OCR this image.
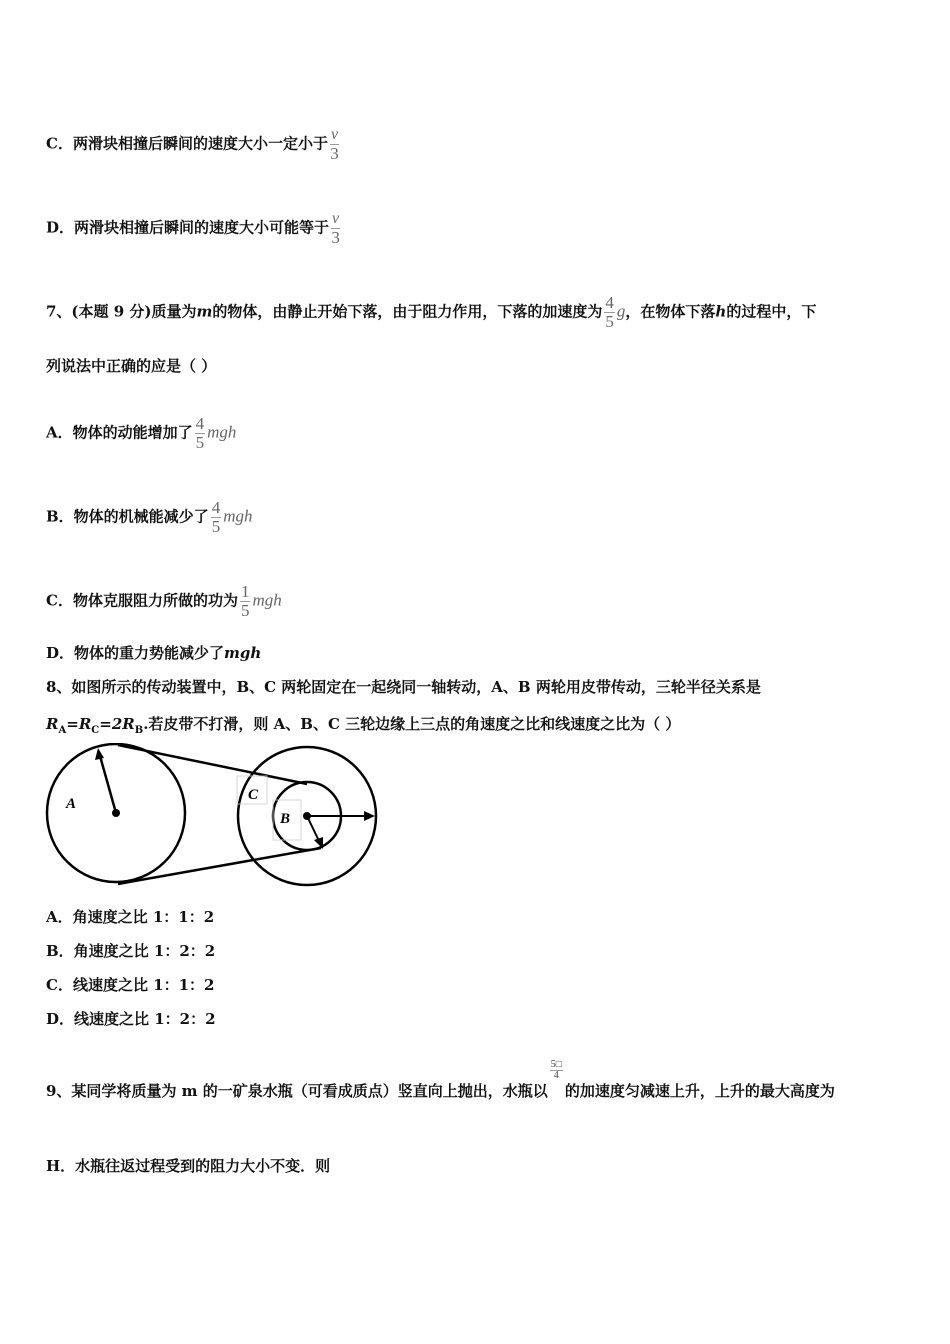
C．两滑块相撞后瞬间的速度大小一定小于 $\frac{v}{3}$
D．两滑块相撞后瞬间的速度大小可能等于 $\frac{v}{3}$
7、(本题 9 分)质量为m的物体，由静止开始下落，由于阻力作用，下落的加速度为 $\frac{4}{5}$ g，在物体下落h的过程中，下
列说法中正确的应是（ ）
A．物体的动能增加了 $\frac{4}{5}$ mgh
B．物体的机械能减少了 $\frac{4}{5}$ mgh
C．物体克服阻力所做的功为 $\frac{1}{5}$ mgh
D．物体的重力势能减少了mgh
8、如图所示的传动装置中，B、C 两轮固定在一起绕同一轴转动，A、B 两轮用皮带传动，三轮半径关系是
$R_A=R_C=2R_B$.若皮带不打滑，则 A、B、C 三轮边缘上三点的角速度之比和线速度之比为（ ）
A
C
B
A．角速度之比 1：1：2
B．角速度之比 1：2：2
C．线速度之比 1：1：2
D．线速度之比 1：2：2
9、某同学将质量为 m 的一矿泉水瓶（可看成质点）竖直向上抛出，水瓶以
$\frac{5□}{4}$
的加速度匀减速上升，上升的最大高度为
H．水瓶往返过程受到的阻力大小不变．则
